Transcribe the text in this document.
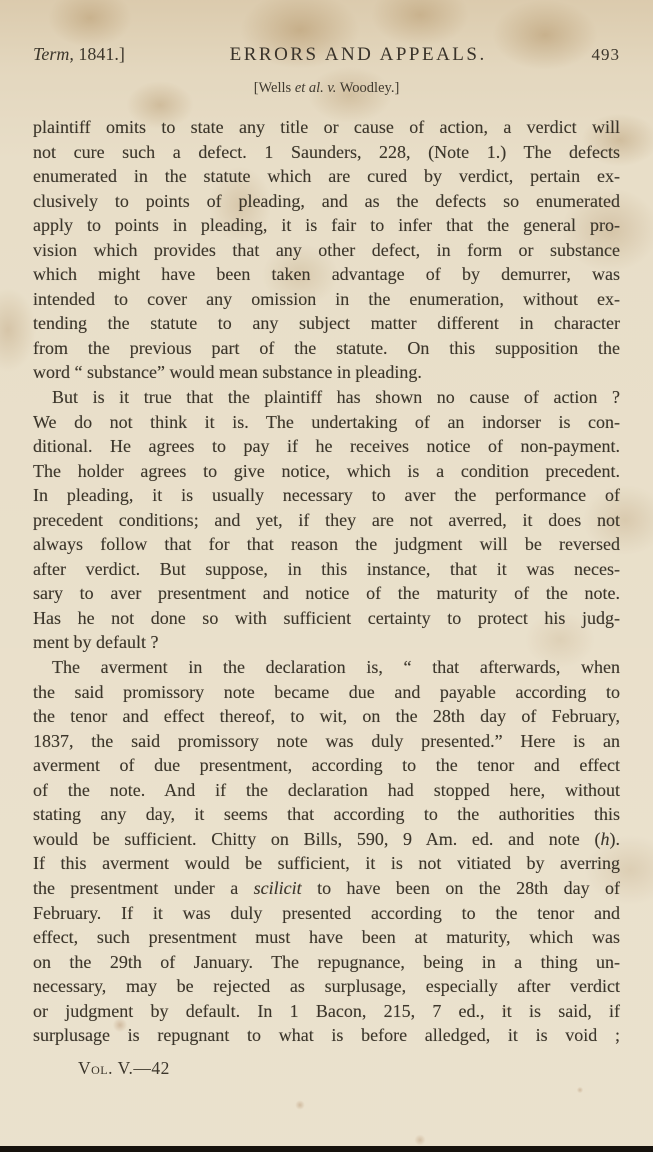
Term, 1841.]	ERRORS AND APPEALS.	493
[Wells et al. v. Woodley.]
plaintiff omits to state any title or cause of action, a verdict will
not cure such a defect. 1 Saunders, 228, (Note 1.) The defects
enumerated in the statute which are cured by verdict, pertain ex-
clusively to points of pleading, and as the defects so enumerated
apply to points in pleading, it is fair to infer that the general pro-
vision which provides that any other defect, in form or substance
which might have been taken advantage of by demurrer, was
intended to cover any omission in the enumeration, without ex-
tending the statute to any subject matter different in character
from the previous part of the statute. On this supposition the
word “ substance” would mean substance in pleading.
But is it true that the plaintiff has shown no cause of action ?
We do not think it is. The undertaking of an indorser is con-
ditional. He agrees to pay if he receives notice of non-payment.
The holder agrees to give notice, which is a condition precedent.
In pleading, it is usually necessary to aver the performance of
precedent conditions; and yet, if they are not averred, it does not
always follow that for that reason the judgment will be reversed
after verdict. But suppose, in this instance, that it was neces-
sary to aver presentment and notice of the maturity of the note.
Has he not done so with sufficient certainty to protect his judg-
ment by default ?
The averment in the declaration is, “ that afterwards, when
the said promissory note became due and payable according to
the tenor and effect thereof, to wit, on the 28th day of February,
1837, the said promissory note was duly presented.” Here is an
averment of due presentment, according to the tenor and effect
of the note. And if the declaration had stopped here, without
stating any day, it seems that according to the authorities this
would be sufficient. Chitty on Bills, 590, 9 Am. ed. and note (h).
If this averment would be sufficient, it is not vitiated by averring
the presentment under a scilicit to have been on the 28th day of
February. If it was duly presented according to the tenor and
effect, such presentment must have been at maturity, which was
on the 29th of January. The repugnance, being in a thing un-
necessary, may be rejected as surplusage, especially after verdict
or judgment by default. In 1 Bacon, 215, 7 ed., it is said, if
surplusage is repugnant to what is before alledged, it is void ;
Vol. V.—42
